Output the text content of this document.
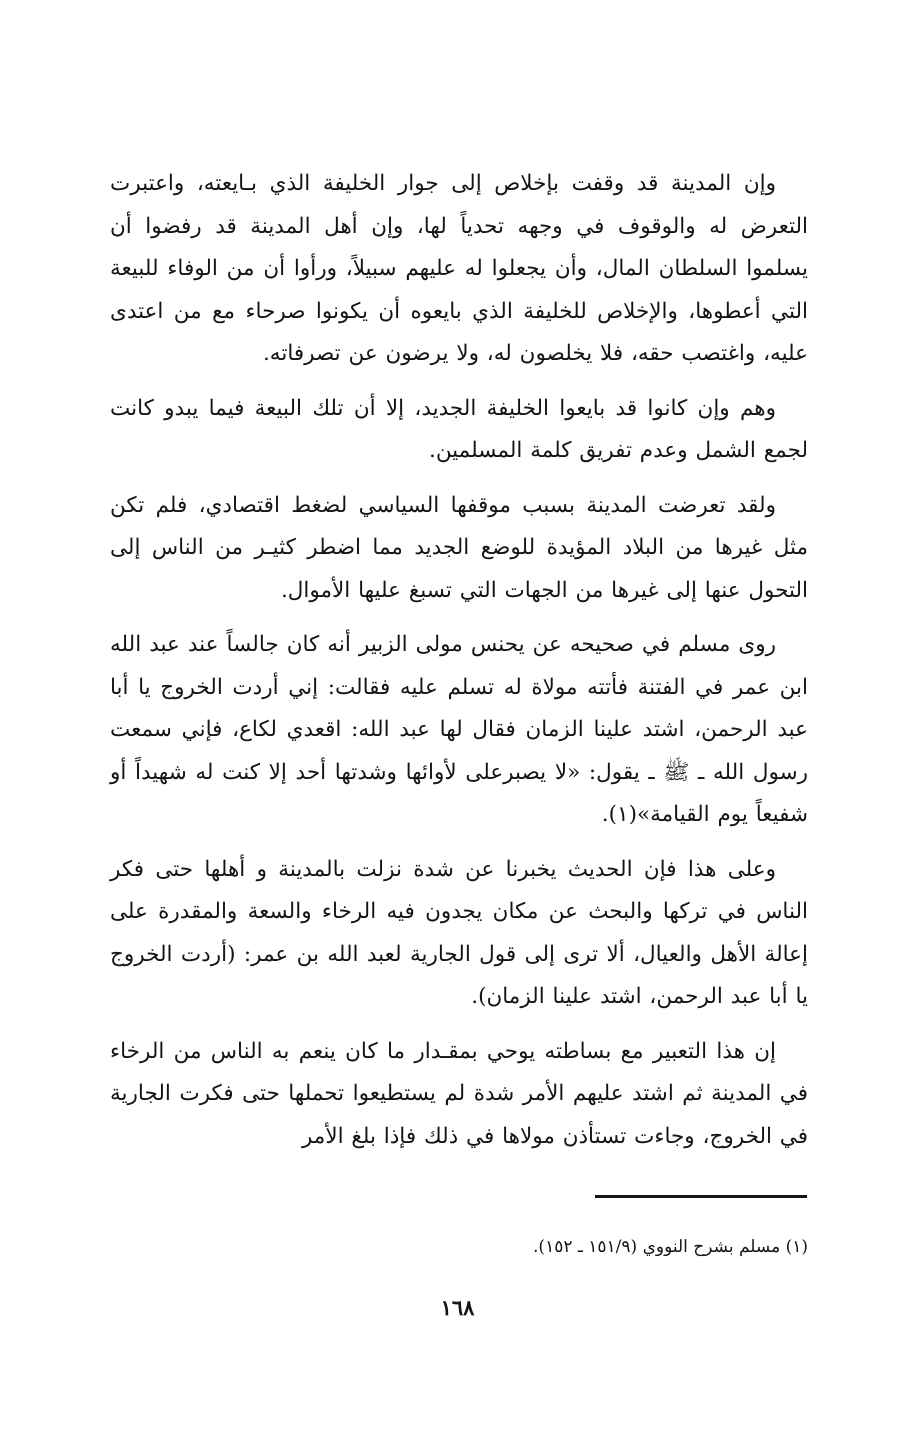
وإن المدينة قد وقفت بإخلاص إلى جوار الخليفة الذي بـايعته، واعتبرت التعرض له والوقوف في وجهه تحدياً لها، وإن أهل المدينة قد رفضوا أن يسلموا السلطان المال، وأن يجعلوا له عليهم سبيلاً، ورأوا أن من الوفاء للبيعة التي أعطوها، والإخلاص للخليفة الذي بايعوه أن يكونوا صرحاء مع من اعتدى عليه، واغتصب حقه، فلا يخلصون له، ولا يرضون عن تصرفاته.

وهم وإن كانوا قد بايعوا الخليفة الجديد، إلا أن تلك البيعة فيما يبدو كانت لجمع الشمل وعدم تفريق كلمة المسلمين.

ولقد تعرضت المدينة بسبب موقفها السياسي لضغط اقتصادي، فلم تكن مثل غيرها من البلاد المؤيدة للوضع الجديد مما اضطر كثيـر من الناس إلى التحول عنها إلى غيرها من الجهات التي تسبغ عليها الأموال.

روى مسلم في صحيحه عن يحنس مولى الزبير أنه كان جالساً عند عبد الله ابن عمر في الفتنة فأتته مولاة له تسلم عليه فقالت: إني أردت الخروج يا أبا عبد الرحمن، اشتد علينا الزمان فقال لها عبد الله: اقعدي لكاع، فإني سمعت رسول الله ـ ﷺ ـ يقول: «لا يصبرعلى لأوائها وشدتها أحد إلا كنت له شهيداً أو شفيعاً يوم القيامة»(١).

وعلى هذا فإن الحديث يخبرنا عن شدة نزلت بالمدينة و أهلها حتى فكر الناس في تركها والبحث عن مكان يجدون فيه الرخاء والسعة والمقدرة على إعالة الأهل والعيال، ألا ترى إلى قول الجارية لعبد الله بن عمر: (أردت الخروج يا أبا عبد الرحمن، اشتد علينا الزمان).

إن هذا التعبير مع بساطته يوحي بمقـدار ما كان ينعم به الناس من الرخاء في المدينة ثم اشتد عليهم الأمر شدة لم يستطيعوا تحملها حتى فكرت الجارية في الخروج، وجاءت تستأذن مولاها في ذلك فإذا بلغ الأمر

(١) مسلم بشرح النووي (١٥١/٩ ـ ١٥٢).
١٦٨
